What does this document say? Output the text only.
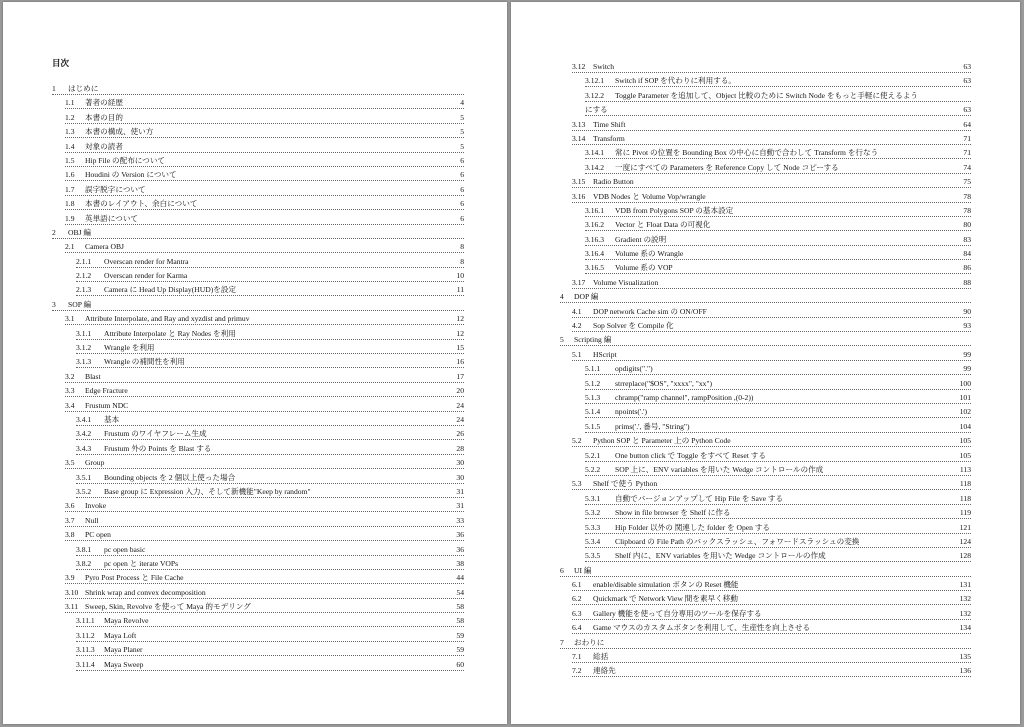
目次
1 はじめに
1.1 著者の経歴	4
1.2 本書の目的	5
1.3 本書の構成、使い方	5
1.4 対象の読者	5
1.5 Hip File の配布について	6
1.6 Houdini の Version について	6
1.7 誤字脱字について	6
1.8 本書のレイアウト、余白について	6
1.9 英単語について	6
2 OBJ 編
2.1 Camera OBJ	8
2.1.1 Overscan render for Mantra	8
2.1.2 Overscan render for Karma	10
2.1.3 Camera に Head Up Display(HUD)を設定	11
3 SOP 編
3.1 Attribute Interpolate, and Ray and xyzdist and primuv	12
3.1.1 Attribute Interpolate と Ray Nodes を利用	12
3.1.2 Wrangle を利用	15
3.1.3 Wrangle の補間性を利用	16
3.2 Blast	17
3.3 Edge Fracture	20
3.4 Frustum NDC	24
3.4.1 基本	24
3.4.2 Frustum のワイヤフレーム生成	26
3.4.3 Frustum 外の Points を Blast する	28
3.5 Group	30
3.5.1 Bounding objects を 2 個以上使った場合	30
3.5.2 Base group に Expression 入力、そして新機能"Keep by random"	31
3.6 Invoke	31
3.7 Null	33
3.8 PC open	36
3.8.1 pc open basic	36
3.8.2 pc open と iterate VOPs	38
3.9 Pyro Post Process と File Cache	44
3.10 Shrink wrap and convex decomposition	54
3.11 Sweep, Skin, Revolve を使って Maya 的モデリング	58
3.11.1 Maya Revolve	58
3.11.2 Maya Loft	59
3.11.3 Maya Planer	59
3.11.4 Maya Sweep	60
3.12 Switch	63
3.12.1 Switch if SOP を代わりに利用する。	63
3.12.2 Toggle Parameter を追加して、Object 比較のために Switch Node をもっと手軽に使えるよう
にする	63
3.13 Time Shift	64
3.14 Transform	71
3.14.1 常に Pivot の位置を Bounding Box の中心に自動で合わして Transform を行なう	71
3.14.2 一度にすべての Parameters を Reference Copy して Node コピーする	74
3.15 Radio Button	75
3.16 VDB Nodes と Volume Vop/wrangle	78
3.16.1 VDB from Polygons SOP の基本設定	78
3.16.2 Vector と Float Data の可視化	80
3.16.3 Gradient の説明	83
3.16.4 Volume 系の Wrangle	84
3.16.5 Volume 系の VOP	86
3.17 Volume Visualization	88
4 DOP 編
4.1 DOP network Cache sim の ON/OFF	90
4.2 Sop Solver を Compile 化	93
5 Scripting 編
5.1 HScript	99
5.1.1 opdigits(".")	99
5.1.2 strreplace("$OS", "xxxx", "xx")	100
5.1.3 chramp("ramp channel", rampPosition ,(0-2))	101
5.1.4 npoints('.')	102
5.1.5 prims('.', 番号, "String")	104
5.2 Python SOP と Parameter 上の Python Code	105
5.2.1 One button click で Toggle をすべて Reset する	105
5.2.2 SOP 上に、ENV variables を用いた Wedge コントロールの作成	113
5.3 Shelf で使う Python	118
5.3.1 自動でバージョンアップして Hip File を Save する	118
5.3.2 Show in file browser を Shelf に作る	119
5.3.3 Hip Folder 以外の 関連した folder を Open する	121
5.3.4 Clipboard の File Path のバックスラッシュ、フォワードスラッシュの変換	124
5.3.5 Shelf 内に、ENV variables を用いた Wedge コントロールの作成	128
6 UI 編
6.1 enable/disable simulation ボタンの Reset 機能	131
6.2 Quickmark で Network View 間を素早く移動	132
6.3 Gallery 機能を使って自分専用のツールを保存する	132
6.4 Game マウスのカスタムボタンを利用して、生産性を向上させる	134
7 おわりに
7.1 総括	135
7.2 連絡先	136
